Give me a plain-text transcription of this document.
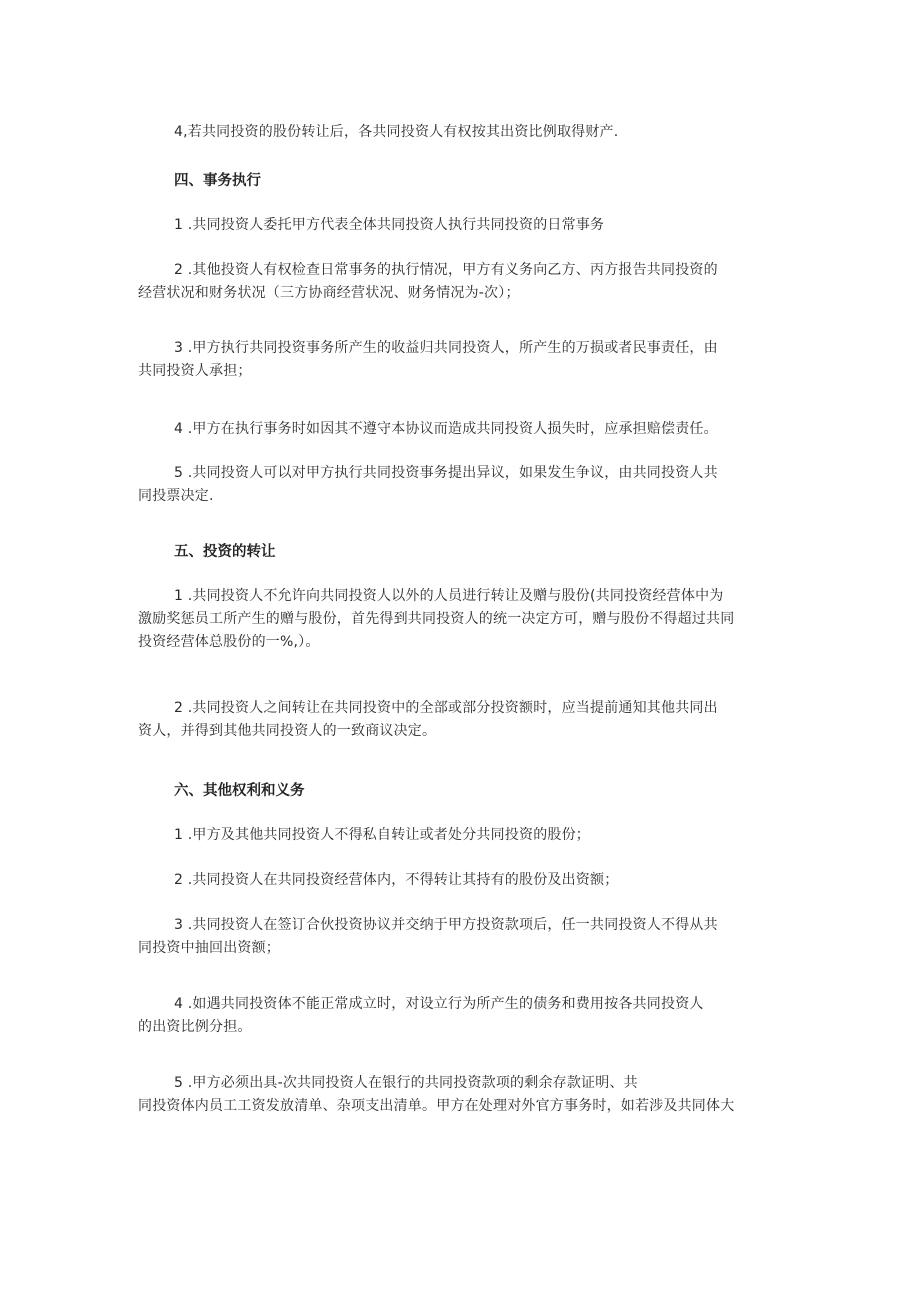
4,若共同投资的股份转让后，各共同投资人有权按其出资比例取得财产.
四、事务执行
1 .共同投资人委托甲方代表全体共同投资人执行共同投资的日常事务
2 .其他投资人有权检查日常事务的执行情况，甲方有义务向乙方、丙方报告共同投资的
经营状况和财务状况（三方协商经营状况、财务情况为-次）；
3 .甲方执行共同投资事务所产生的收益归共同投资人，所产生的万损或者民事责任，由
共同投资人承担；
4 .甲方在执行事务时如因其不遵守本协议而造成共同投资人损失时，应承担赔偿责任。
5 .共同投资人可以对甲方执行共同投资事务提出异议，如果发生争议，由共同投资人共
同投票决定.
五、投资的转让
1 .共同投资人不允许向共同投资人以外的人员进行转让及赠与股份(共同投资经营体中为
激励奖惩员工所产生的赠与股份，首先得到共同投资人的统一决定方可，赠与股份不得超过共同
投资经营体总股份的一%,）。
2 .共同投资人之间转让在共同投资中的全部或部分投资额时，应当提前通知其他共同出
资人，并得到其他共同投资人的一致商议决定。
六、其他权利和义务
1 .甲方及其他共同投资人不得私自转让或者处分共同投资的股份；
2 .共同投资人在共同投资经营体内，不得转让其持有的股份及出资额；
3 .共同投资人在签订合伙投资协议并交纳于甲方投资款项后，任一共同投资人不得从共
同投资中抽回出资额；
4 .如遇共同投资体不能正常成立时，对设立行为所产生的债务和费用按各共同投资人
的出资比例分担。
5 .甲方必须出具-次共同投资人在银行的共同投资款项的剩余存款证明、共
同投资体内员工工资发放清单、杂项支出清单。甲方在处理对外官方事务时，如若涉及共同体大
